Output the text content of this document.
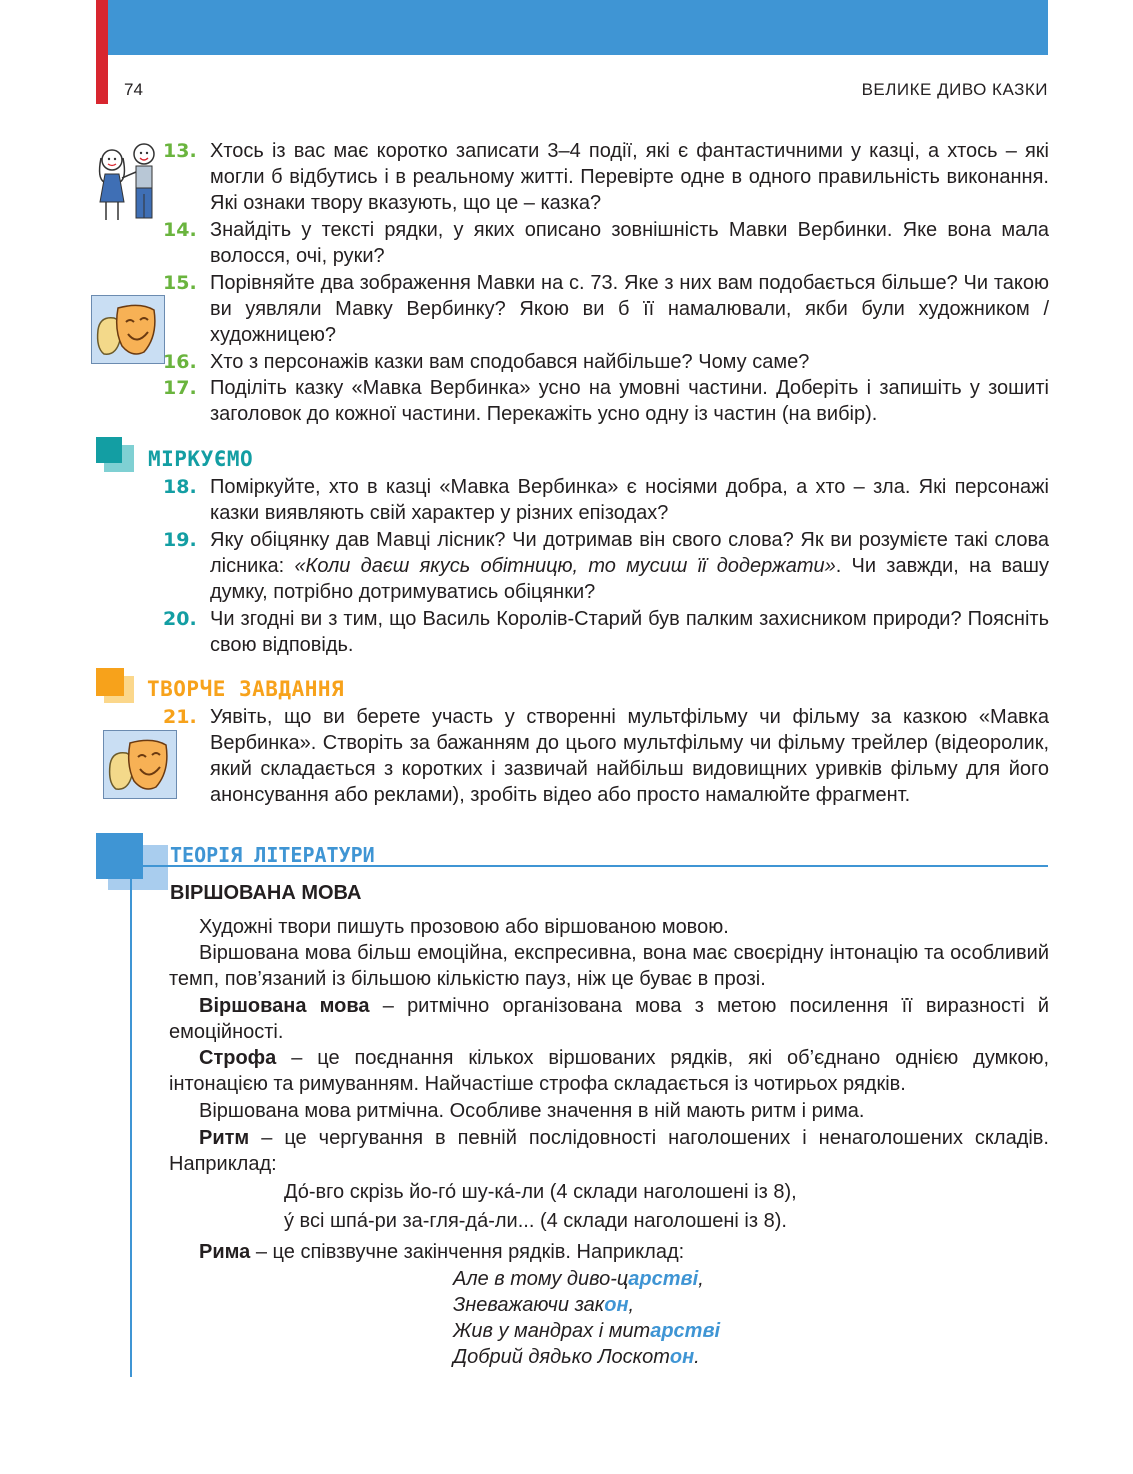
74	ВЕЛИКЕ ДИВО КАЗКИ
13. Хтось із вас має коротко записати 3–4 події, які є фантастичними у казці, а хтось – які могли б відбутись і в реальному житті. Перевірте одне в одного правильність виконання. Які ознаки твору вказують, що це – казка?
14. Знайдіть у тексті рядки, у яких описано зовнішність Мавки Вербинки. Яке вона мала волосся, очі, руки?
15. Порівняйте два зображення Мавки на с. 73. Яке з них вам подобається більше? Чи такою ви уявляли Мавку Вербинку? Якою ви б її намалювали, якби були художником / художницею?
16. Хто з персонажів казки вам сподобався найбільше? Чому саме?
17. Поділіть казку «Мавка Вербинка» усно на умовні частини. Доберіть і запишіть у зошиті заголовок до кожної частини. Перекажіть усно одну із частин (на вибір).
МІРКУЄМО
18. Поміркуйте, хто в казці «Мавка Вербинка» є носіями добра, а хто – зла. Які персонажі казки виявляють свій характер у різних епізодах?
19. Яку обіцянку дав Мавці лісник? Чи дотримав він свого слова? Як ви розумієте такі слова лісника: «Коли даєш якусь обітницю, то мусиш її додержати». Чи завжди, на вашу думку, потрібно дотримуватись обіцянки?
20. Чи згодні ви з тим, що Василь Королів-Старий був палким захисником природи? Поясніть свою відповідь.
ТВОРЧЕ ЗАВДАННЯ
21. Уявіть, що ви берете участь у створенні мультфільму чи фільму за казкою «Мавка Вербинка». Створіть за бажанням до цього мультфільму чи фільму трейлер (відеоролик, який складається з коротких і зазвичай найбільш видовищних уривків фільму для його анонсування або реклами), зробіть відео або просто намалюйте фрагмент.
ТЕОРІЯ ЛІТЕРАТУРИ
ВІРШОВАНА МОВА
Художні твори пишуть прозовою або віршованою мовою.
Віршована мова більш емоційна, експресивна, вона має своєрідну інтонацію та особливий темп, пов’язаний із більшою кількістю пауз, ніж це буває в прозі.
Віршована мова – ритмічно організована мова з метою посилення її виразності й емоційності.
Строфа – це поєднання кількох віршованих рядків, які об’єднано однією думкою, інтонацією та римуванням. Найчастіше строфа складається із чотирьох рядків.
Віршована мова ритмічна. Особливе значення в ній мають ритм і рима.
Ритм – це чергування в певній послідовності наголошених і ненаголошених складів. Наприклад:
До́-вго скрізь йо-го́ шу-ка́-ли (4 склади наголошені із 8),
у́ всі шпа́-ри за-гля-да́-ли... (4 склади наголошені із 8).
Рима – це співзвучне закінчення рядків. Наприклад:
Але в тому диво-царстві,
Зневажаючи закон,
Жив у мандрах і митарстві
Добрий дядько Лоскотон.
